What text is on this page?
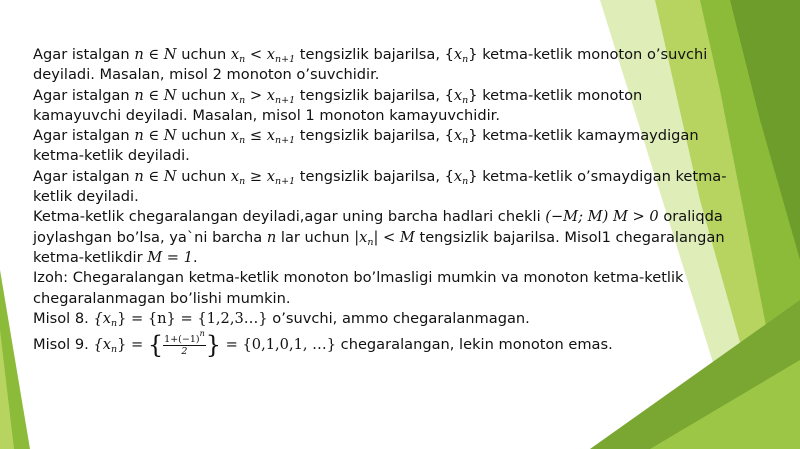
Agar istalgan n ∈ N uchun $x_n < x_{n+1}$ tengsizlik bajarilsa, $\{x_n\}$ ketma-ketlik monoton o’suvchi
deyiladi. Masalan, misol 2 monoton o’suvchidir.
Agar istalgan n ∈ N uchun $x_n > x_{n+1}$ tengsizlik bajarilsa, $\{x_n\}$ ketma-ketlik monoton
kamayuvchi deyiladi. Masalan, misol 1 monoton kamayuvchidir.
Agar istalgan n ∈ N uchun $x_n \le x_{n+1}$ tengsizlik bajarilsa, $\{x_n\}$ ketma-ketlik kamaymaydigan
ketma-ketlik deyiladi.
Agar istalgan n ∈ N uchun $x_n \ge x_{n+1}$ tengsizlik bajarilsa, $\{x_n\}$ ketma-ketlik o’smaydigan ketma-
ketlik deyiladi.
Ketma-ketlik chegaralangan deyiladi,agar uning barcha hadlari chekli (−M; M) M > 0 oraliqda
joylashgan bo’lsa, ya`ni barcha n lar uchun $|x_n| < M$ tengsizlik bajarilsa. Misol1 chegaralangan
ketma-ketlikdir M = 1.
Izoh: Chegaralangan ketma-ketlik monoton bo’lmasligi mumkin va monoton ketma-ketlik
chegaralanmagan bo’lishi mumkin.
Misol 8. $\{x_n\} = \{n\}$ = {1,2,3…} o’suvchi, ammo chegaralanmagan.
Misol 9. $\{x_n\}$ = { $\frac{1+(-1)^n}{2}$ } = {0,1,0,1, …} chegaralangan, lekin monoton emas.
